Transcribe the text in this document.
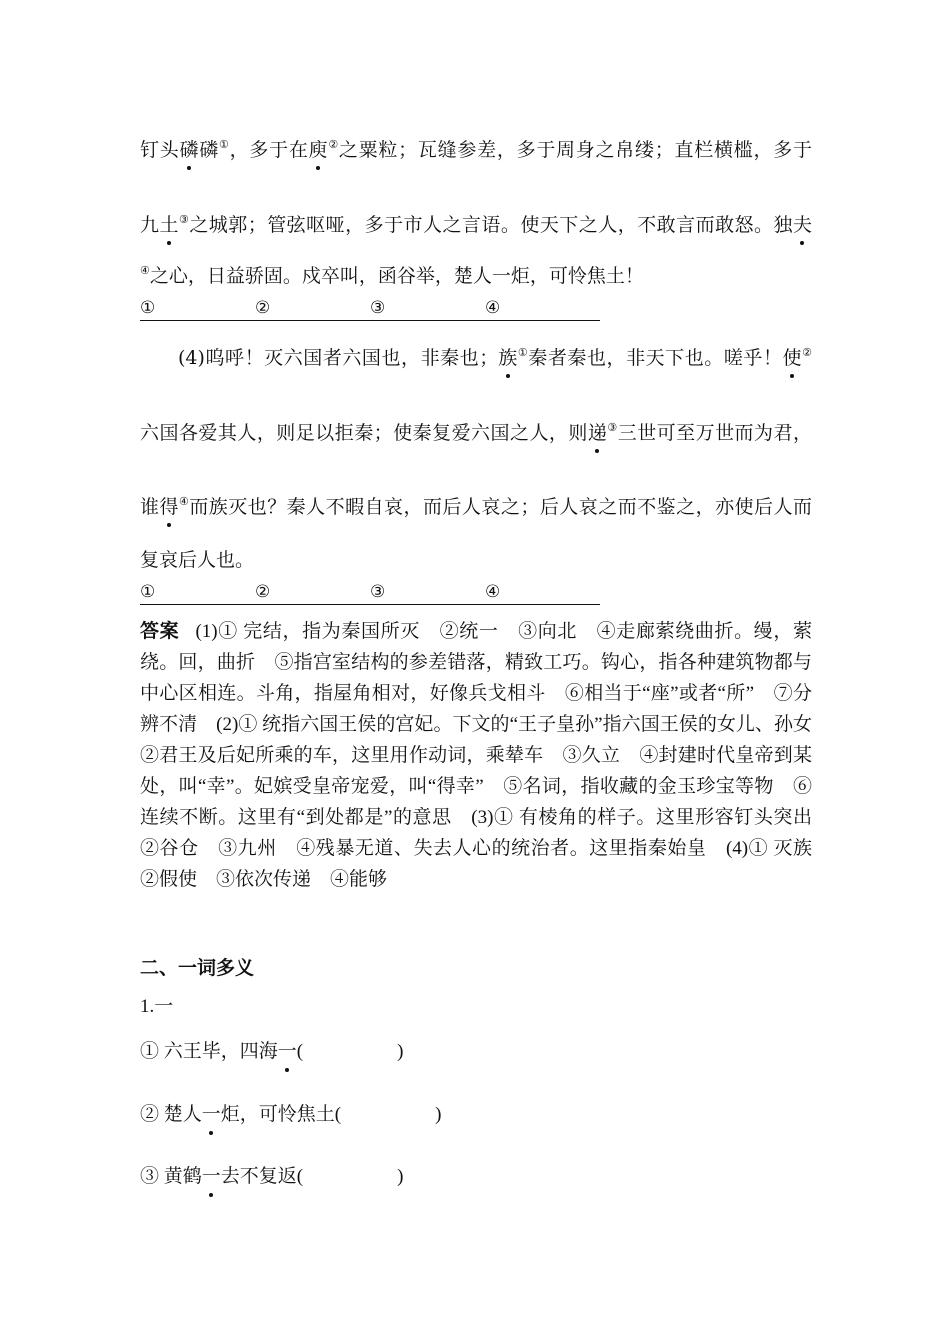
钉头磷磷①，多于在庾②之粟粒；瓦缝参差，多于周身之帛缕；直栏横槛，多于
九土③之城郭；管弦呕哑，多于市人之言语。使天下之人，不敢言而敢怒。独夫
④之心，日益骄固。戍卒叫，函谷举，楚人一炬，可怜焦土！
①	②	③	④
(4)呜呼！灭六国者六国也，非秦也；族①秦者秦也，非天下也。嗟乎！使②
六国各爱其人，则足以拒秦；使秦复爱六国之人，则递③三世可至万世而为君，
谁得④而族灭也？秦人不暇自哀，而后人哀之；后人哀之而不鉴之，亦使后人而
复哀后人也。
①	②	③	④
答案 (1)① 完结，指为秦国所灭　②统一　③向北　④走廊萦绕曲折。缦，萦绕。回，曲折　⑤指宫室结构的参差错落，精致工巧。钩心，指各种建筑物都与中心区相连。斗角，指屋角相对，好像兵戈相斗　⑥相当于“座”或者“所”　⑦分辨不清　(2)① 统指六国王侯的宫妃。下文的“王子皇孙”指六国王侯的女儿、孙女　②君王及后妃所乘的车，这里用作动词，乘辇车　③久立　④封建时代皇帝到某处，叫“幸”。妃嫔受皇帝宠爱，叫“得幸”　⑤名词，指收藏的金玉珍宝等物　⑥连续不断。这里有“到处都是”的意思　(3)① 有棱角的样子。这里形容钉头突出　②谷仓　③九州　④残暴无道、失去人心的统治者。这里指秦始皇　(4)① 灭族　②假使　③依次传递　④能够
二、一词多义
1.一
① 六王毕，四海一(	)
② 楚人一炬，可怜焦土(	)
③ 黄鹤一去不复返(	)
